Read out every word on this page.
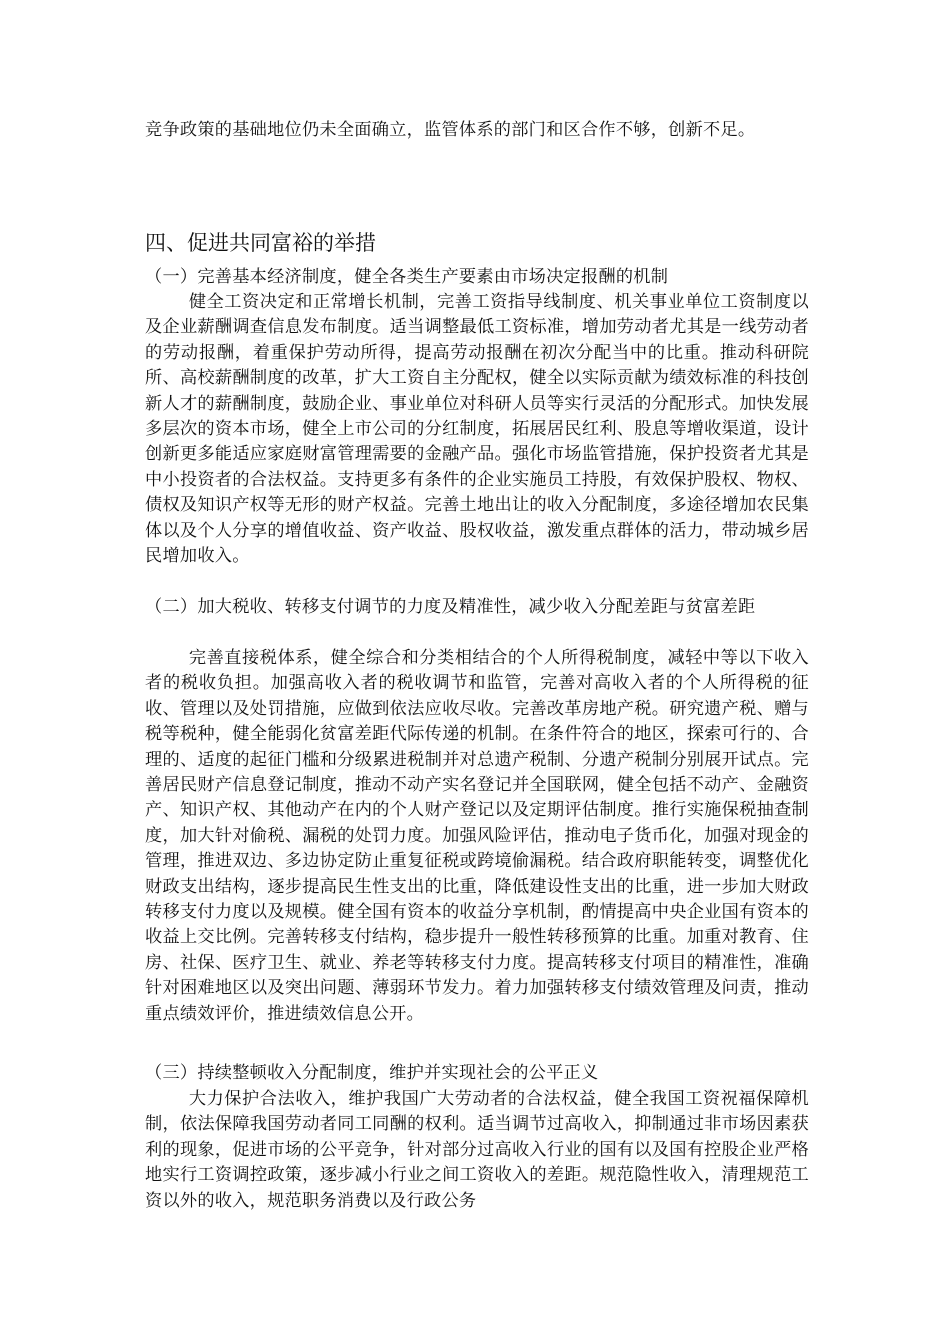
竞争政策的基础地位仍未全面确立，监管体系的部门和区合作不够，创新不足。

四、促进共同富裕的举措

（一）完善基本经济制度，健全各类生产要素由市场决定报酬的机制

健全工资决定和正常增长机制，完善工资指导线制度、机关事业单位工资制度以及企业薪酬调查信息发布制度。适当调整最低工资标准，增加劳动者尤其是一线劳动者的劳动报酬，着重保护劳动所得，提高劳动报酬在初次分配当中的比重。推动科研院所、高校薪酬制度的改革，扩大工资自主分配权，健全以实际贡献为绩效标准的科技创新人才的薪酬制度，鼓励企业、事业单位对科研人员等实行灵活的分配形式。加快发展多层次的资本市场，健全上市公司的分红制度，拓展居民红利、股息等增收渠道，设计创新更多能适应家庭财富管理需要的金融产品。强化市场监管措施，保护投资者尤其是中小投资者的合法权益。支持更多有条件的企业实施员工持股，有效保护股权、物权、债权及知识产权等无形的财产权益。完善土地出让的收入分配制度，多途径增加农民集体以及个人分享的增值收益、资产收益、股权收益，激发重点群体的活力，带动城乡居民增加收入。

（二）加大税收、转移支付调节的力度及精准性，减少收入分配差距与贫富差距

完善直接税体系，健全综合和分类相结合的个人所得税制度，减轻中等以下收入者的税收负担。加强高收入者的税收调节和监管，完善对高收入者的个人所得税的征收、管理以及处罚措施，应做到依法应收尽收。完善改革房地产税。研究遗产税、赠与税等税种，健全能弱化贫富差距代际传递的机制。在条件符合的地区，探索可行的、合理的、适度的起征门槛和分级累进税制并对总遗产税制、分遗产税制分别展开试点。完善居民财产信息登记制度，推动不动产实名登记并全国联网，健全包括不动产、金融资产、知识产权、其他动产在内的个人财产登记以及定期评估制度。推行实施保税抽查制度，加大针对偷税、漏税的处罚力度。加强风险评估，推动电子货币化，加强对现金的管理，推进双边、多边协定防止重复征税或跨境偷漏税。结合政府职能转变，调整优化财政支出结构，逐步提高民生性支出的比重，降低建设性支出的比重，进一步加大财政转移支付力度以及规模。健全国有资本的收益分享机制，酌情提高中央企业国有资本的收益上交比例。完善转移支付结构，稳步提升一般性转移预算的比重。加重对教育、住房、社保、医疗卫生、就业、养老等转移支付力度。提高转移支付项目的精准性，准确针对困难地区以及突出问题、薄弱环节发力。着力加强转移支付绩效管理及问责，推动重点绩效评价，推进绩效信息公开。

（三）持续整顿收入分配制度，维护并实现社会的公平正义

大力保护合法收入，维护我国广大劳动者的合法权益，健全我国工资祝福保障机制，依法保障我国劳动者同工同酬的权利。适当调节过高收入，抑制通过非市场因素获利的现象，促进市场的公平竞争，针对部分过高收入行业的国有以及国有控股企业严格地实行工资调控政策，逐步减小行业之间工资收入的差距。规范隐性收入，清理规范工资以外的收入，规范职务消费以及行政公务
